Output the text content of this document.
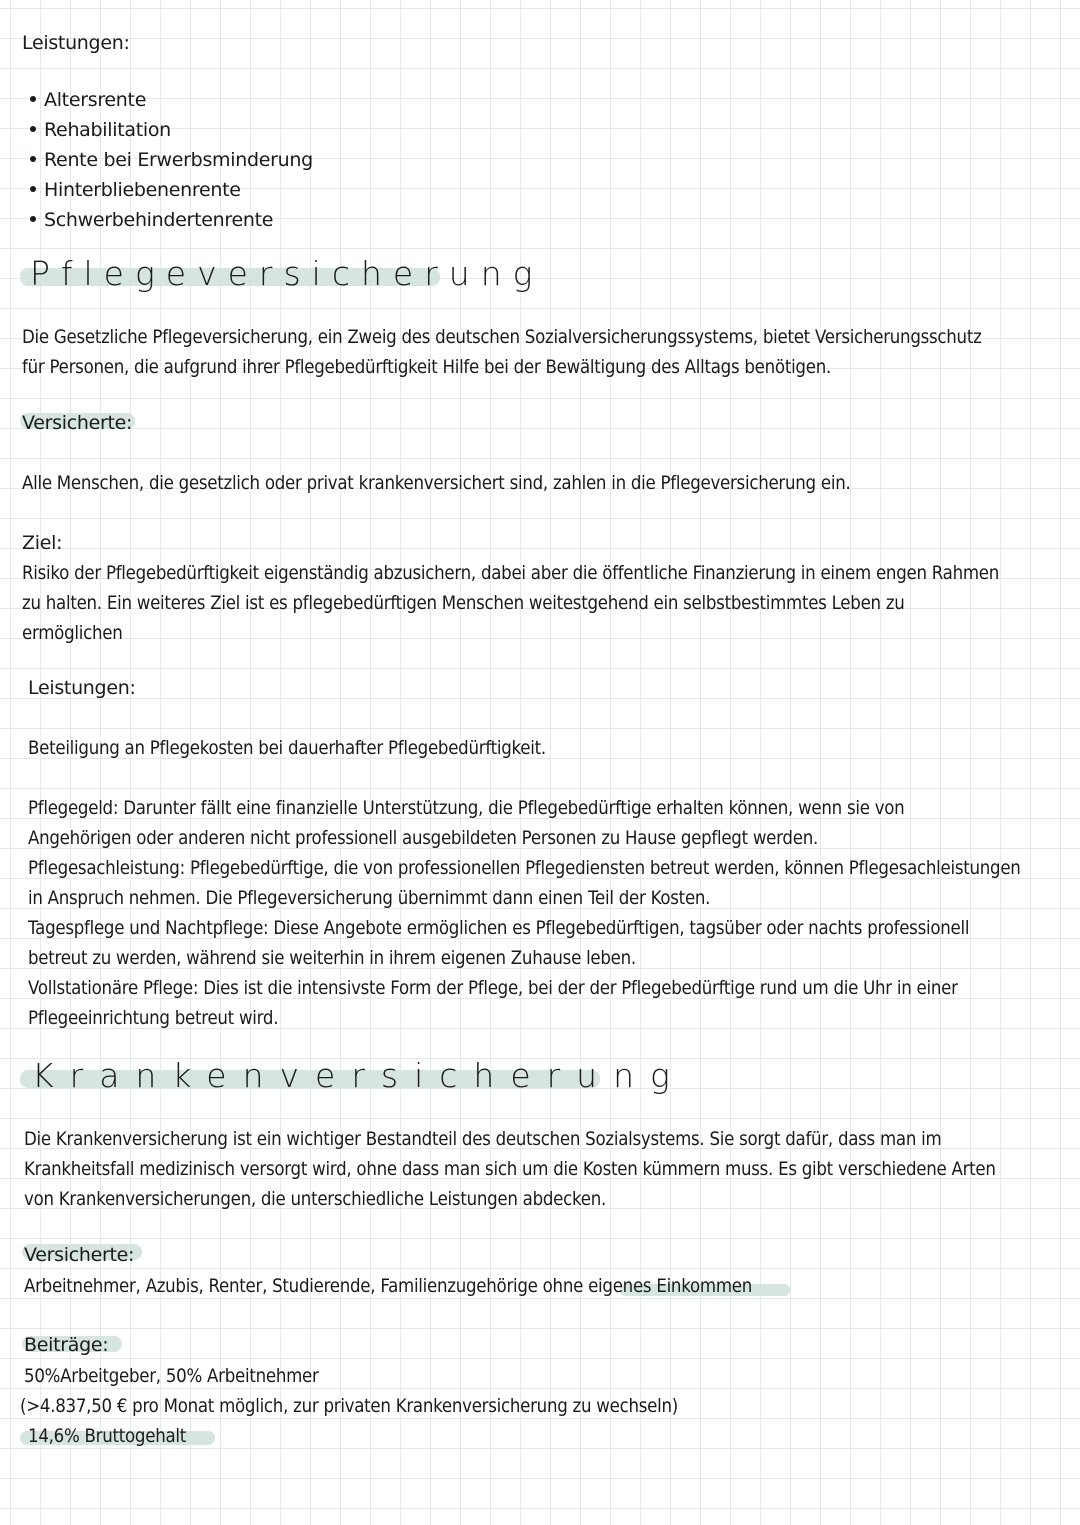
Leistungen:
Altersrente
Rehabilitation
Rente bei Erwerbsminderung
Hinterbliebenenrente
Schwerbehindertenrente
Pflegeversicherung
Die Gesetzliche Pflegeversicherung, ein Zweig des deutschen Sozialversicherungssystems, bietet Versicherungsschutz
für Personen, die aufgrund ihrer Pflegebedürftigkeit Hilfe bei der Bewältigung des Alltags benötigen.
Versicherte:
Alle Menschen, die gesetzlich oder privat krankenversichert sind, zahlen in die Pflegeversicherung ein.
Ziel:
Risiko der Pflegebedürftigkeit eigenständig abzusichern, dabei aber die öffentliche Finanzierung in einem engen Rahmen
zu halten. Ein weiteres Ziel ist es pflegebedürftigen Menschen weitestgehend ein selbstbestimmtes Leben zu
ermöglichen
Leistungen:
Beteiligung an Pflegekosten bei dauerhafter Pflegebedürftigkeit.
Pflegegeld: Darunter fällt eine finanzielle Unterstützung, die Pflegebedürftige erhalten können, wenn sie von
Angehörigen oder anderen nicht professionell ausgebildeten Personen zu Hause gepflegt werden.
Pflegesachleistung: Pflegebedürftige, die von professionellen Pflegediensten betreut werden, können Pflegesachleistungen
in Anspruch nehmen. Die Pflegeversicherung übernimmt dann einen Teil der Kosten.
Tagespflege und Nachtpflege: Diese Angebote ermöglichen es Pflegebedürftigen, tagsüber oder nachts professionell
betreut zu werden, während sie weiterhin in ihrem eigenen Zuhause leben.
Vollstationäre Pflege: Dies ist die intensivste Form der Pflege, bei der der Pflegebedürftige rund um die Uhr in einer
Pflegeeinrichtung betreut wird.
Krankenversicherung
Die Krankenversicherung ist ein wichtiger Bestandteil des deutschen Sozialsystems. Sie sorgt dafür, dass man im
Krankheitsfall medizinisch versorgt wird, ohne dass man sich um die Kosten kümmern muss. Es gibt verschiedene Arten
von Krankenversicherungen, die unterschiedliche Leistungen abdecken.
Versicherte:
Arbeitnehmer, Azubis, Renter, Studierende, Familienzugehörige ohne eigenes Einkommen
Beiträge:
50%Arbeitgeber, 50% Arbeitnehmer
(>4.837,50 € pro Monat möglich, zur privaten Krankenversicherung zu wechseln)
14,6% Bruttogehalt
